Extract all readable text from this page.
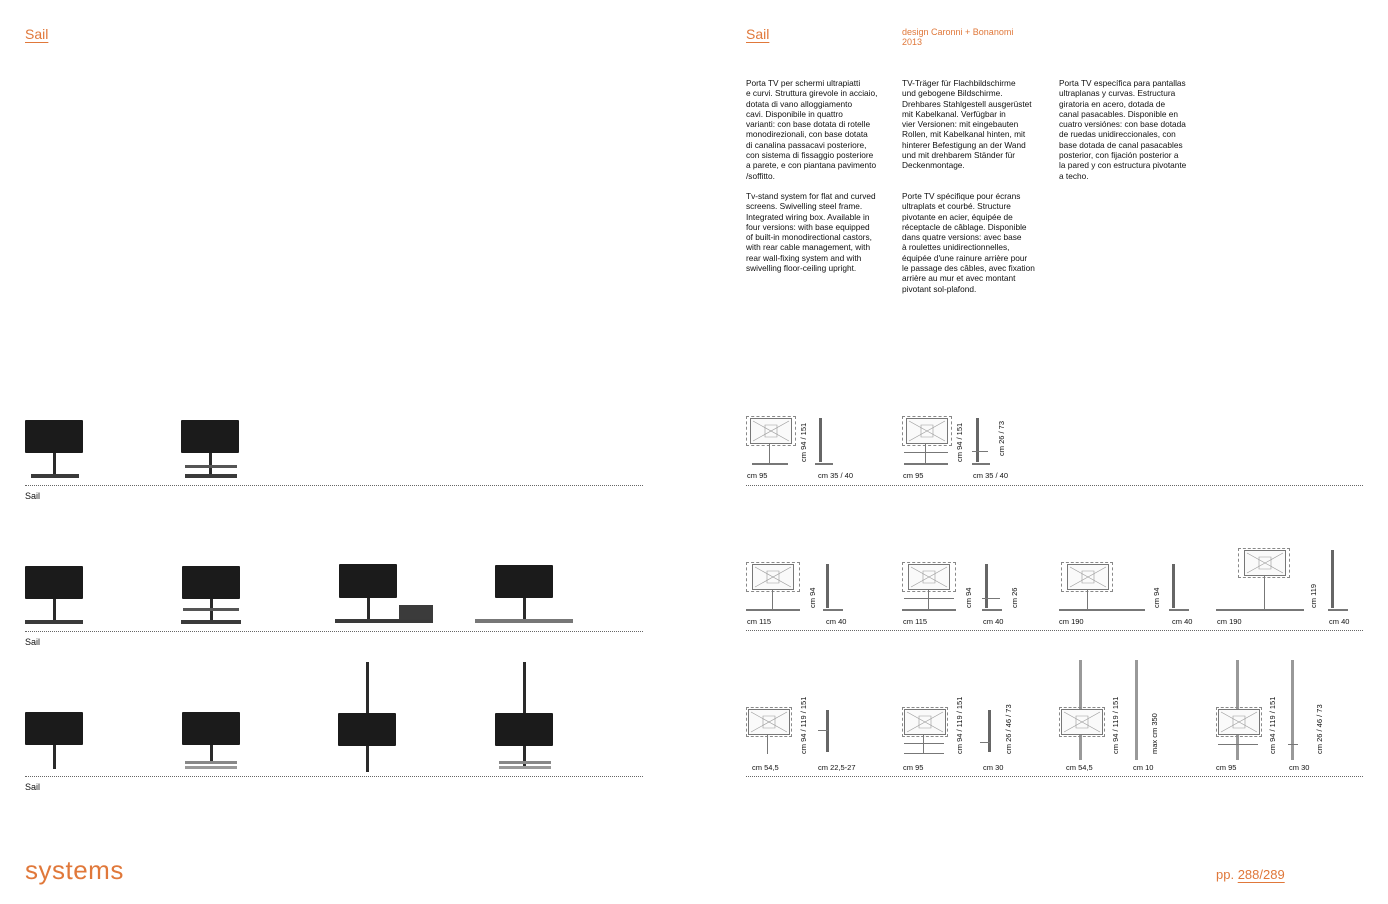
Sail	Sail	design Caronni + Bonanomi
2013
Porta TV per schermi ultrapiatti
e curvi. Struttura girevole in acciaio,
dotata di vano alloggiamento
cavi. Disponibile in quattro
varianti: con base dotata di rotelle
monodirezionali, con base dotata
di canalina passacavi posteriore,
con sistema di fissaggio posteriore
a parete, e con piantana pavimento
/soffitto.
Tv-stand system for flat and curved
screens. Swivelling steel frame.
Integrated wiring box. Available in
four versions: with base equipped
of built-in monodirectional castors,
with rear cable management, with
rear wall-fixing system and with
swivelling floor-ceiling upright.
TV-Träger für Flachbildschirme
und gebogene Bildschirme.
Drehbares Stahlgestell ausgerüstet
mit Kabelkanal. Verfügbar in
vier Versionen: mit eingebauten
Rollen, mit Kabelkanal hinten, mit
hinterer Befestigung an der Wand
und mit drehbarem Ständer für
Deckenmontage.
Porte TV spécifique pour écrans
ultraplats et courbé. Structure
pivotante en acier, équipée de
réceptacle de câblage. Disponible
dans quatre versions: avec base
à roulettes unidirectionnelles,
équipée d'une rainure arrière pour
le passage des câbles, avec fixation
arrière au mur et avec montant
pivotant sol-plafond.
Porta TV específica para pantallas
ultraplanas y curvas. Estructura
giratoria en acero, dotada de
canal pasacables. Disponible en
cuatro versiónes: con base dotada
de ruedas unidireccionales, con
base dotada de canal pasacables
posterior, con fijación posterior a
la pared y con estructura pivotante
a techo.
Sail
Sail
Sail
cm 95
cm 94 / 151
cm 35 / 40	cm 95
cm 94 / 151	cm 26 / 73
cm 35 / 40
cm 115
cm 94
cm 40	cm 115
cm 94	cm 26
cm 40	cm 190
cm 94
cm 40	cm 190
cm 119
cm 40
cm 54,5
cm 94 / 119 / 151
cm 22,5-27	cm 95
cm 94 / 119 / 151	cm 26 / 46 / 73
cm 30	cm 54,5
cm 94 / 119 / 151	max cm 350
cm 10	cm 95
cm 94 / 119 / 151	cm 26 / 46 / 73
cm 30
systems	pp. 288/289
